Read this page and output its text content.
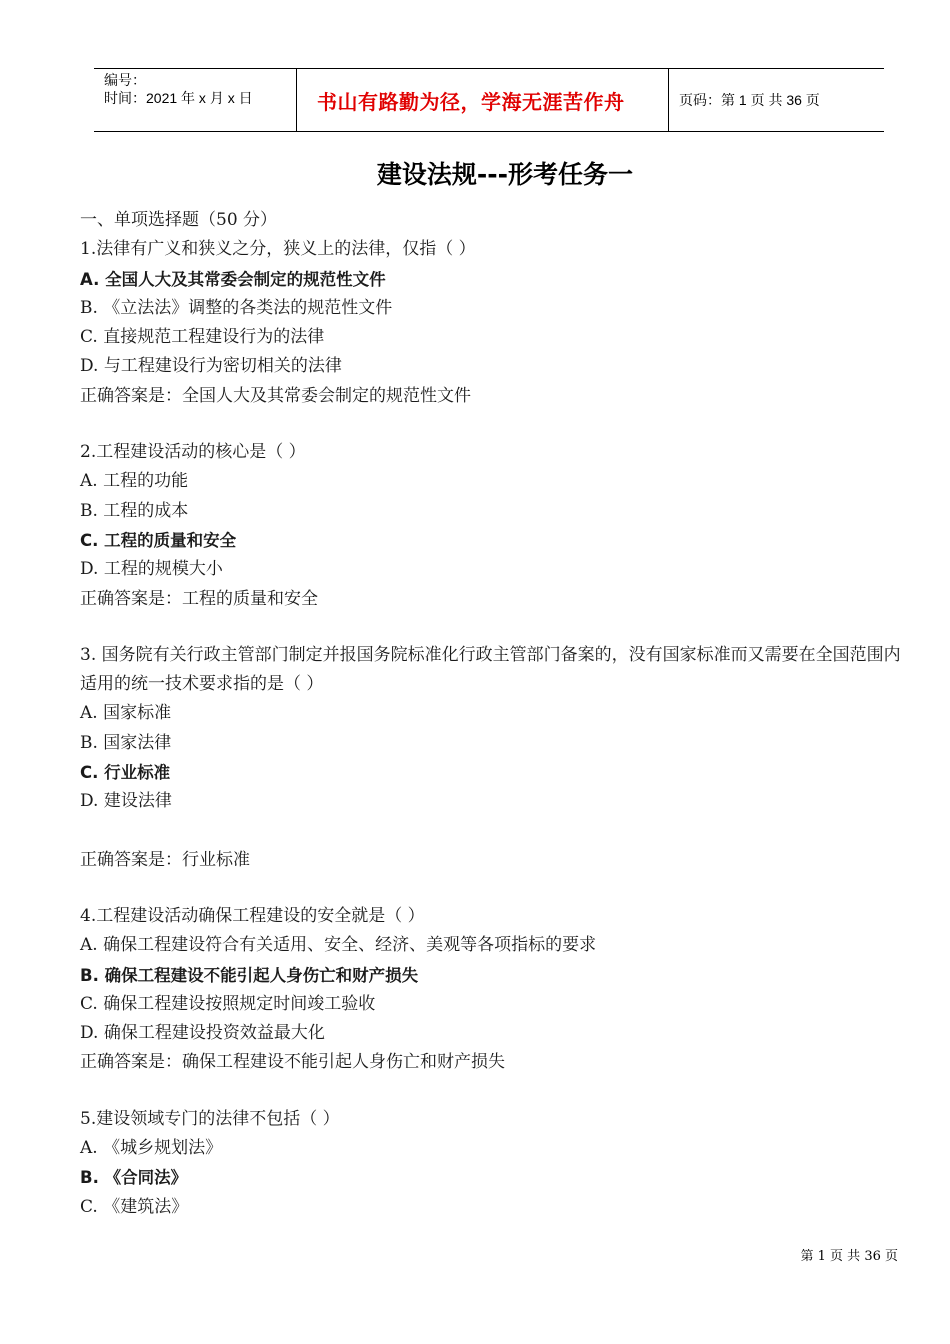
编号：
时间：2021 年 x 月 x 日	书山有路勤为径，学海无涯苦作舟	页码：第 1 页 共 36 页
建设法规---形考任务一
一、单项选择题（50 分）
1.法律有广义和狭义之分，狭义上的法律，仅指（ ）
A. 全国人大及其常委会制定的规范性文件
B. 《立法法》调整的各类法的规范性文件
C. 直接规范工程建设行为的法律
D. 与工程建设行为密切相关的法律
正确答案是：全国人大及其常委会制定的规范性文件
2.工程建设活动的核心是（ ）
A. 工程的功能
B. 工程的成本
C. 工程的质量和安全
D. 工程的规模大小
正确答案是：工程的质量和安全
3. 国务院有关行政主管部门制定并报国务院标准化行政主管部门备案的，没有国家标准而又需要在全国范围内适用的统一技术要求指的是（ ）
A. 国家标准
B. 国家法律
C. 行业标准
D. 建设法律
正确答案是：行业标准
4.工程建设活动确保工程建设的安全就是（ ）
A. 确保工程建设符合有关适用、安全、经济、美观等各项指标的要求
B. 确保工程建设不能引起人身伤亡和财产损失
C. 确保工程建设按照规定时间竣工验收
D. 确保工程建设投资效益最大化
正确答案是：确保工程建设不能引起人身伤亡和财产损失
5.建设领域专门的法律不包括（ ）
A. 《城乡规划法》
B. 《合同法》
C. 《建筑法》
第 1 页 共 36 页
